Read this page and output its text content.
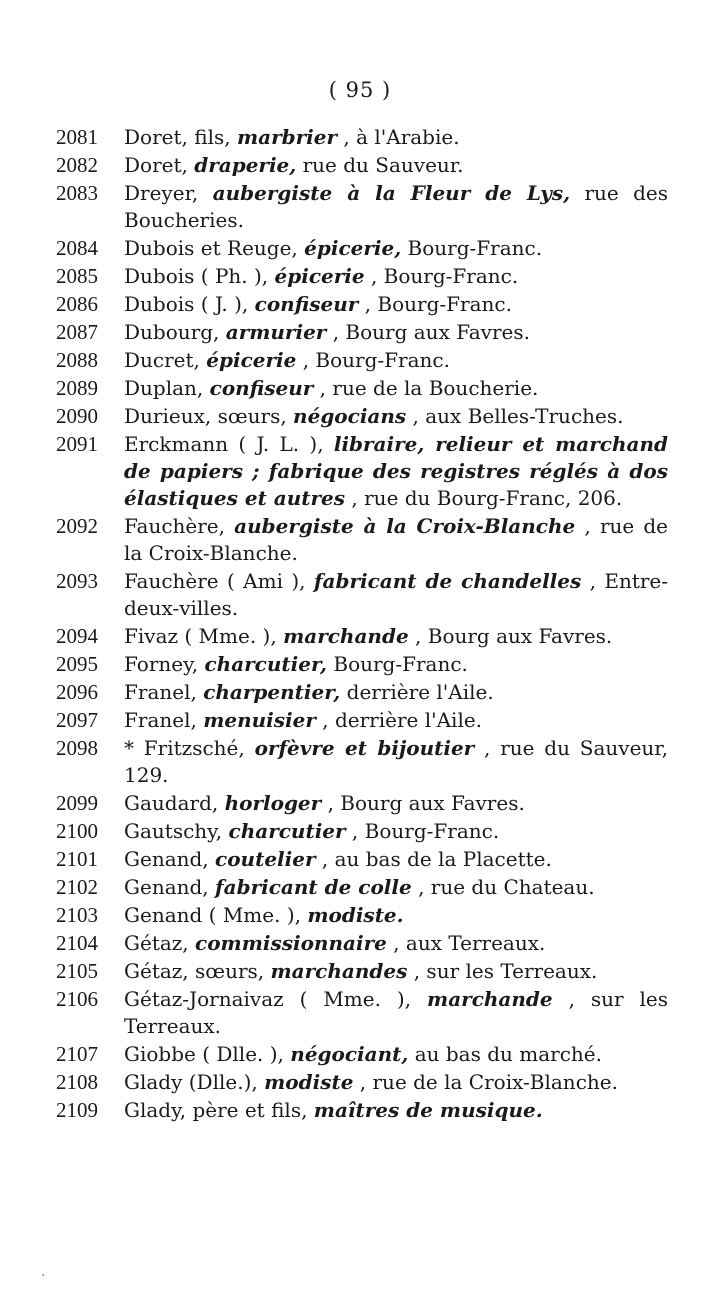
( 95 )
2081	Doret, fils, marbrier , à l'Arabie.
2082	Doret, draperie, rue du Sauveur.
2083	Dreyer, aubergiste à la Fleur de Lys, rue des Boucheries.
2084	Dubois et Reuge, épicerie, Bourg-Franc.
2085	Dubois ( Ph. ), épicerie , Bourg-Franc.
2086	Dubois ( J. ), confiseur , Bourg-Franc.
2087	Dubourg, armurier , Bourg aux Favres.
2088	Ducret, épicerie , Bourg-Franc.
2089	Duplan, confiseur , rue de la Boucherie.
2090	Durieux, sœurs, négocians , aux Belles-Truches.
2091	Erckmann ( J. L. ), libraire, relieur et marchand de papiers ; fabrique des registres réglés à dos élastiques et autres , rue du Bourg-Franc, 206.
2092	Fauchère, aubergiste à la Croix-Blanche , rue de la Croix-Blanche.
2093	Fauchère ( Ami ), fabricant de chandelles , Entre-deux-villes.
2094	Fivaz ( Mme. ), marchande , Bourg aux Favres.
2095	Forney, charcutier, Bourg-Franc.
2096	Franel, charpentier, derrière l'Aile.
2097	Franel, menuisier , derrière l'Aile.
2098	* Fritzsché, orfèvre et bijoutier , rue du Sauveur, 129.
2099	Gaudard, horloger , Bourg aux Favres.
2100	Gautschy, charcutier , Bourg-Franc.
2101	Genand, coutelier , au bas de la Placette.
2102	Genand, fabricant de colle , rue du Chateau.
2103	Genand ( Mme. ), modiste.
2104	Gétaz, commissionnaire , aux Terreaux.
2105	Gétaz, sœurs, marchandes , sur les Terreaux.
2106	Gétaz-Jornaivaz ( Mme. ), marchande , sur les Terreaux.
2107	Giobbe ( Dlle. ), négociant, au bas du marché.
2108	Glady (Dlle.), modiste , rue de la Croix-Blanche.
2109	Glady, père et fils, maîtres de musique.
′
